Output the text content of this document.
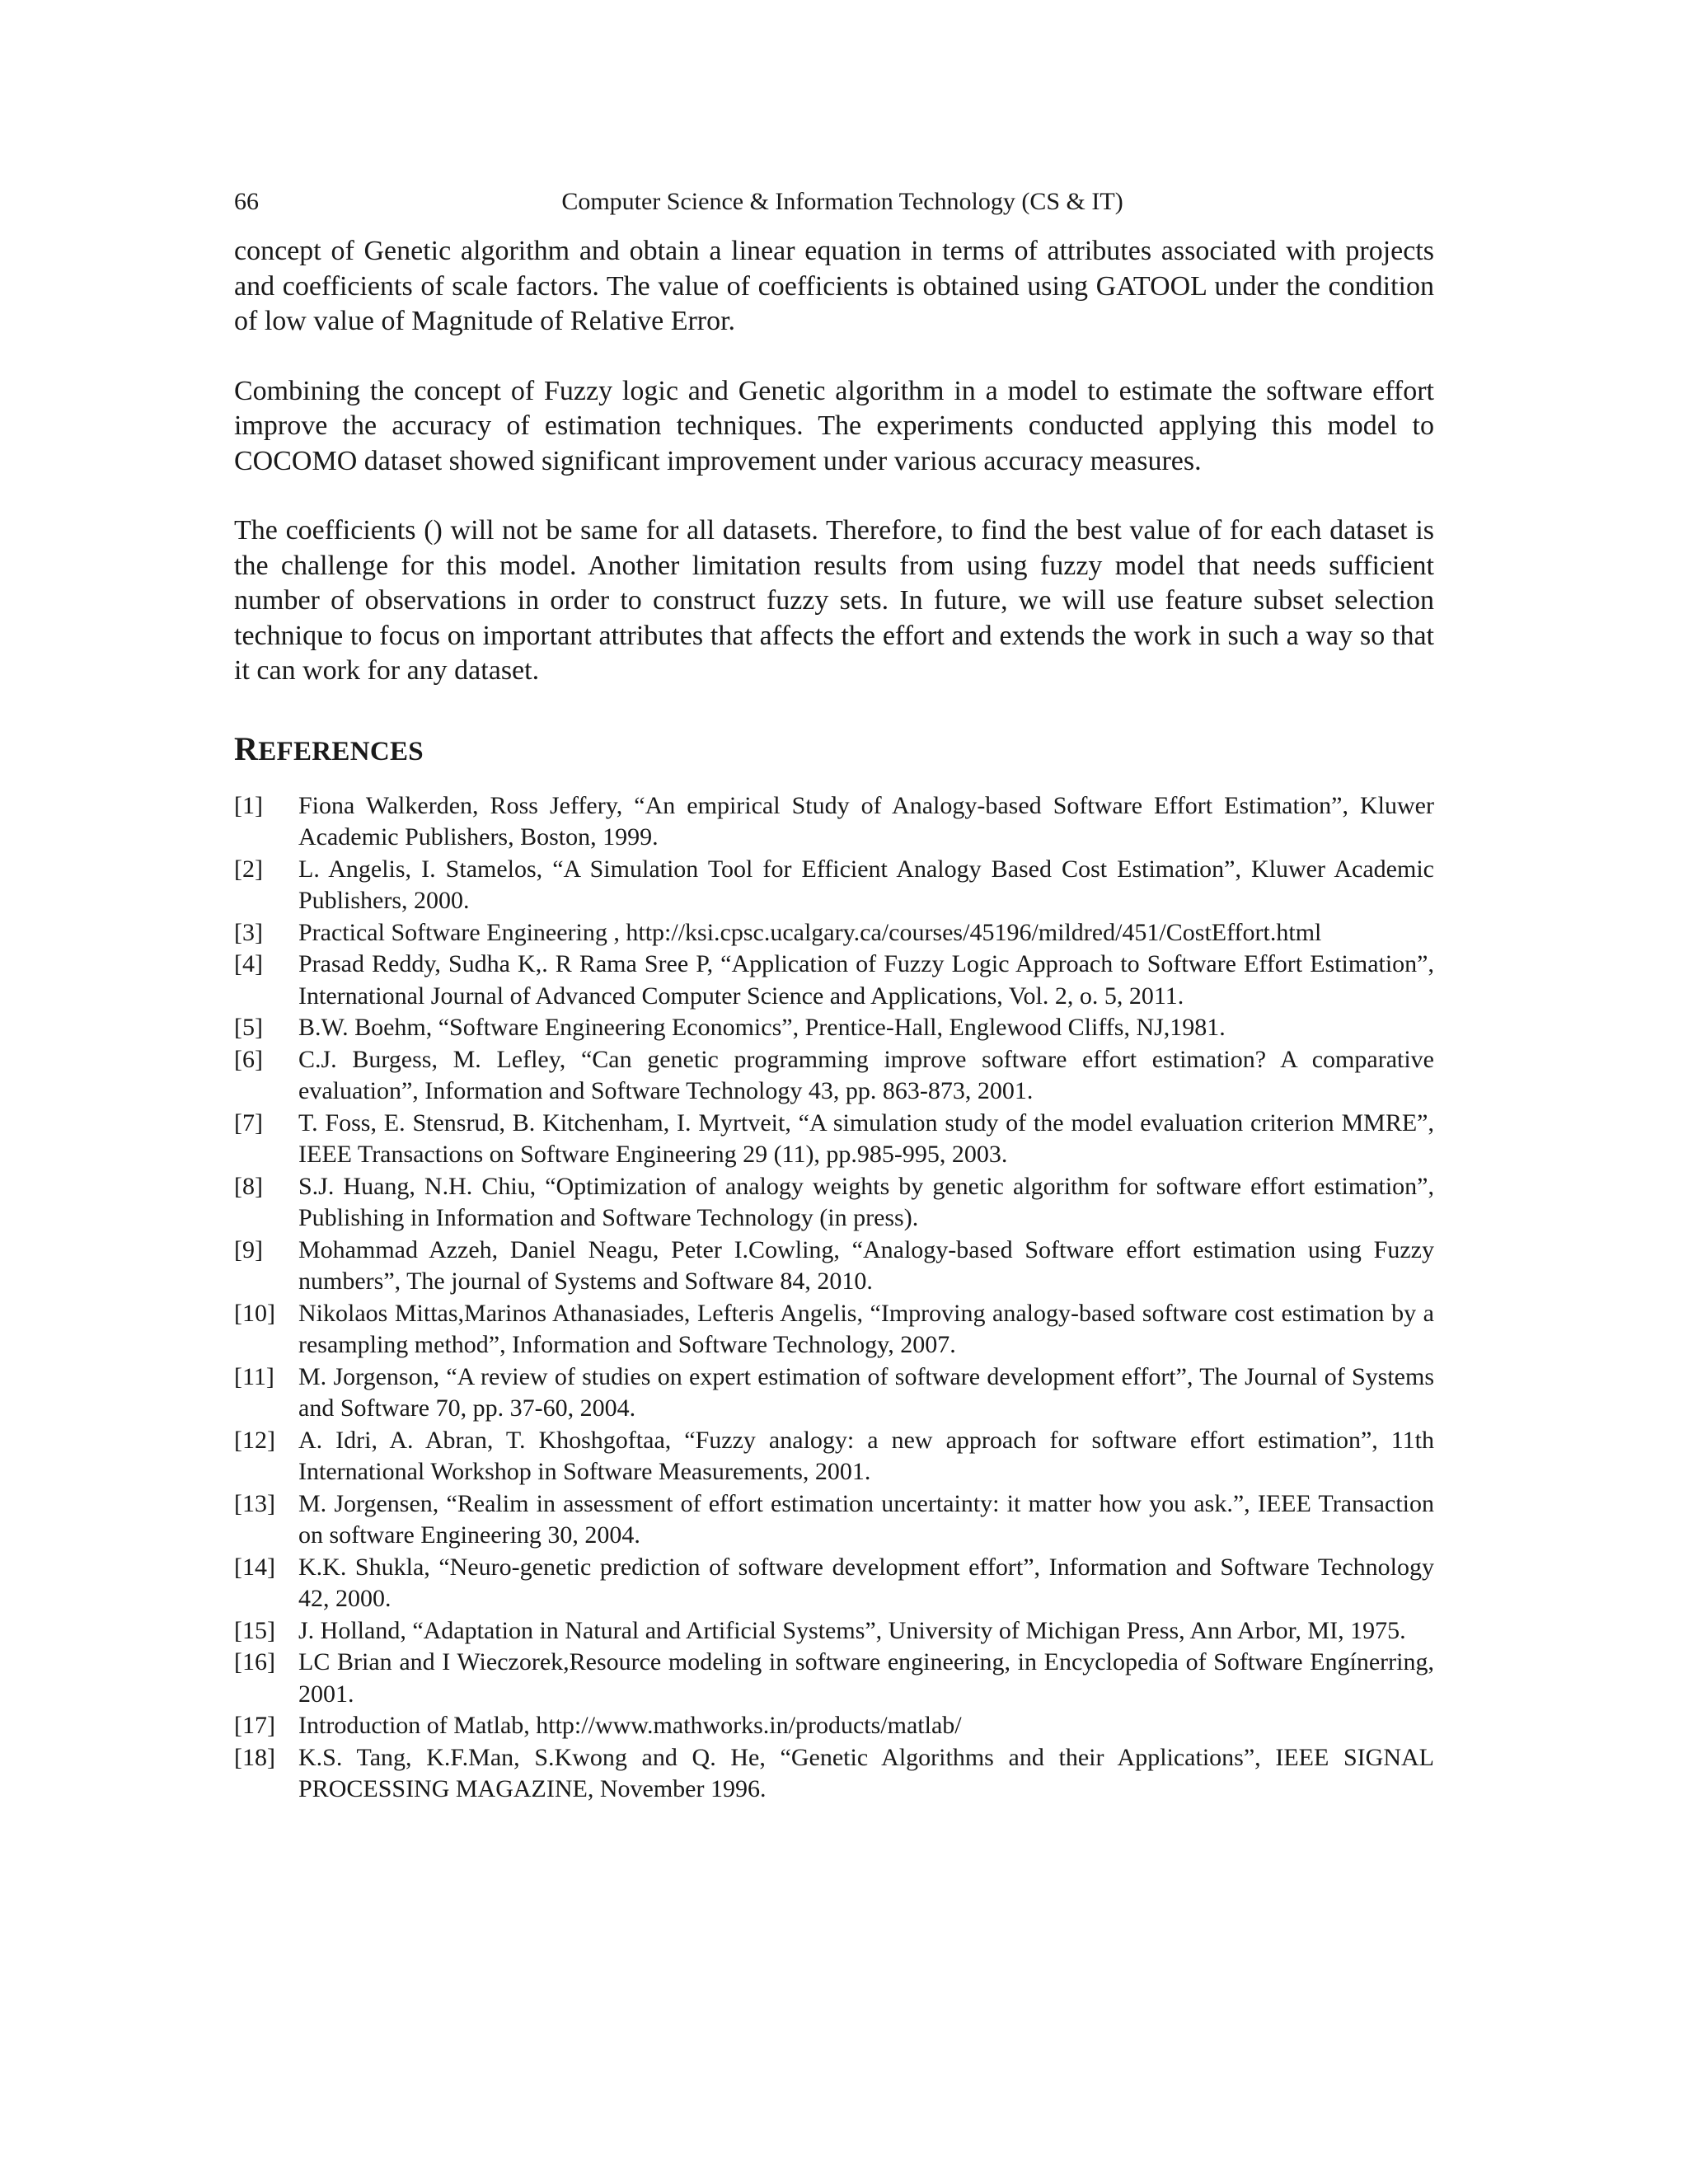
66	Computer Science & Information Technology (CS & IT)

concept of Genetic algorithm and obtain a linear equation in terms of attributes associated with projects and coefficients of scale factors. The value of coefficients is obtained using GATOOL under the condition of low value of Magnitude of Relative Error.

Combining the concept of Fuzzy logic and Genetic algorithm in a model to estimate the software effort improve the accuracy of estimation techniques. The experiments conducted applying this model to COCOMO dataset showed significant improvement under various accuracy measures.

The coefficients () will not be same for all datasets. Therefore, to find the best value of for each dataset is the challenge for this model. Another limitation results from using fuzzy model that needs sufficient number of observations in order to construct fuzzy sets. In future, we will use feature subset selection technique to focus on important attributes that affects the effort and extends the work in such a way so that it can work for any dataset.

REFERENCES
[1]	Fiona Walkerden, Ross Jeffery, “An empirical Study of Analogy-based Software Effort Estimation”, Kluwer Academic Publishers, Boston, 1999.
[2]	L. Angelis, I. Stamelos, “A Simulation Tool for Efficient Analogy Based Cost Estimation”, Kluwer Academic Publishers, 2000.
[3]	Practical Software Engineering , http://ksi.cpsc.ucalgary.ca/courses/45196/mildred/451/CostEffort.html
[4]	Prasad Reddy, Sudha K,. R Rama Sree P, “Application of Fuzzy Logic Approach to Software Effort Estimation”, International Journal of Advanced Computer Science and Applications, Vol. 2, o. 5, 2011.
[5]	B.W. Boehm, “Software Engineering Economics”, Prentice-Hall, Englewood Cliffs, NJ,1981.
[6]	C.J. Burgess, M. Lefley, “Can genetic programming improve software effort estimation? A comparative evaluation”, Information and Software Technology 43, pp. 863-873, 2001.
[7]	T. Foss, E. Stensrud, B. Kitchenham, I. Myrtveit, “A simulation study of the model evaluation criterion MMRE”, IEEE Transactions on Software Engineering 29 (11), pp.985-995, 2003.
[8]	S.J. Huang, N.H. Chiu, “Optimization of analogy weights by genetic algorithm for software effort estimation”, Publishing in Information and Software Technology (in press).
[9]	Mohammad Azzeh, Daniel Neagu, Peter I.Cowling, “Analogy-based Software effort estimation using Fuzzy numbers”, The journal of Systems and Software 84, 2010.
[10] Nikolaos Mittas,Marinos Athanasiades, Lefteris Angelis, “Improving analogy-based software cost estimation by a resampling method”, Information and Software Technology, 2007.
[11] M. Jorgenson, “A review of studies on expert estimation of software development effort”, The Journal of Systems and Software 70, pp. 37-60, 2004.
[12] A. Idri, A. Abran, T. Khoshgoftaa, “Fuzzy analogy: a new approach for software effort estimation”, 11th International Workshop in Software Measurements, 2001.
[13] M. Jorgensen, “Realim in assessment of effort estimation uncertainty: it matter how you ask.”, IEEE Transaction on software Engineering 30, 2004.
[14] K.K. Shukla, “Neuro-genetic prediction of software development effort”, Information and Software Technology 42, 2000.
[15] J. Holland, “Adaptation in Natural and Artificial Systems”, University of Michigan Press, Ann Arbor, MI, 1975.
[16] LC Brian and I Wieczorek,Resource modeling in software engineering, in Encyclopedia of Software Engínerring, 2001.
[17] Introduction of Matlab, http://www.mathworks.in/products/matlab/
[18] K.S. Tang, K.F.Man, S.Kwong and Q. He, “Genetic Algorithms and their Applications”, IEEE SIGNAL PROCESSING MAGAZINE, November 1996.
